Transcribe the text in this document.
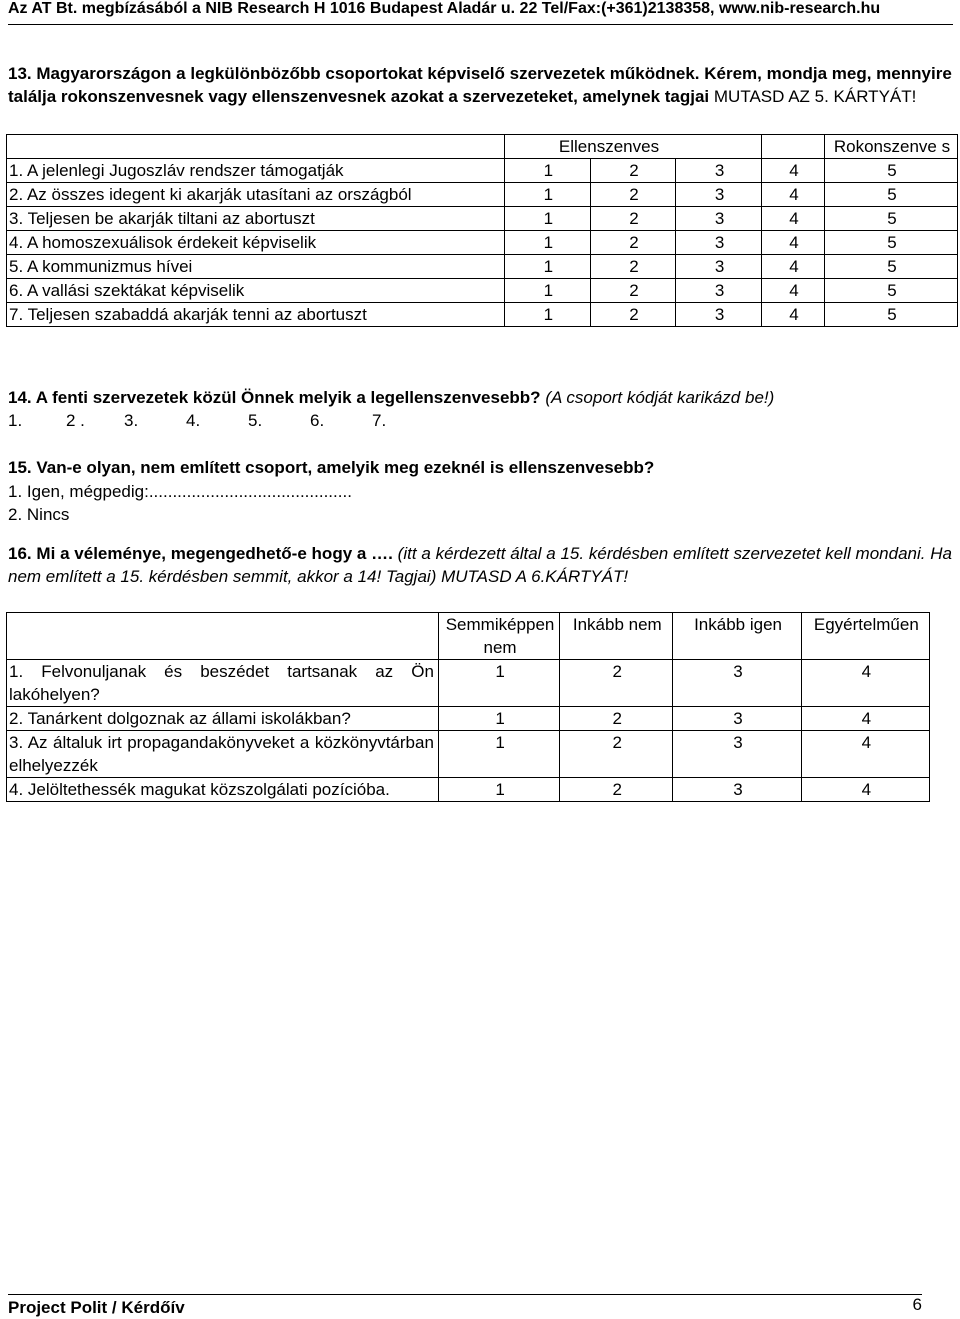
Az AT Bt. megbízásából a NIB Research H 1016 Budapest Aladár u. 22 Tel/Fax:(+361)2138358, www.nib-research.hu
13. Magyarországon a legkülönbözőbb csoportokat képviselő szervezetek működnek. Kérem, mondja meg, mennyire találja rokonszenvesnek vagy ellenszenvesnek azokat a szervezeteket, amelynek tagjai MUTASD AZ 5. KÁRTYÁT!
	Ellenszenves				Rokonszenve s
1. A jelenlegi Jugoszláv rendszer támogatják	1	2	3	4	5
2. Az összes idegent ki akarják utasítani az országból	1	2	3	4	5
3. Teljesen be akarják tiltani az abortuszt	1	2	3	4	5
4. A homoszexuálisok érdekeit képviselik	1	2	3	4	5
5. A kommunizmus hívei	1	2	3	4	5
6. A vallási szektákat képviselik	1	2	3	4	5
7. Teljesen szabaddá akarják tenni az abortuszt	1	2	3	4	5
14. A fenti szervezetek közül Önnek melyik a legellenszenvesebb? (A csoport kódját karikázd be!)
1.	2 . 3.	4.	5.	6.	7.
15. Van-e olyan, nem említett csoport, amelyik meg ezeknél is ellenszenvesebb?
1. Igen, mégpedig:...........................................
2. Nincs
16. Mi a véleménye, megengedhető-e hogy a …. (itt a kérdezett által a 15. kérdésben említett szervezetet kell mondani. Ha nem említett a 15. kérdésben semmit, akkor a 14! Tagjai) MUTASD A 6.KÁRTYÁT!
	Semmiképpen nem	Inkább nem	Inkább igen	Egyértelműen
1. Felvonuljanak és beszédet tartsanak az Ön lakóhelyen?	1	2	3	4
2. Tanárkent dolgoznak az állami iskolákban?	1	2	3	4
3. Az általuk irt propagandakönyveket a közkönyvtárban elhelyezzék	1	2	3	4
4. Jelöltethessék magukat közszolgálati pozícióba.	1	2	3	4
Project Polit / Kérdőív	6
